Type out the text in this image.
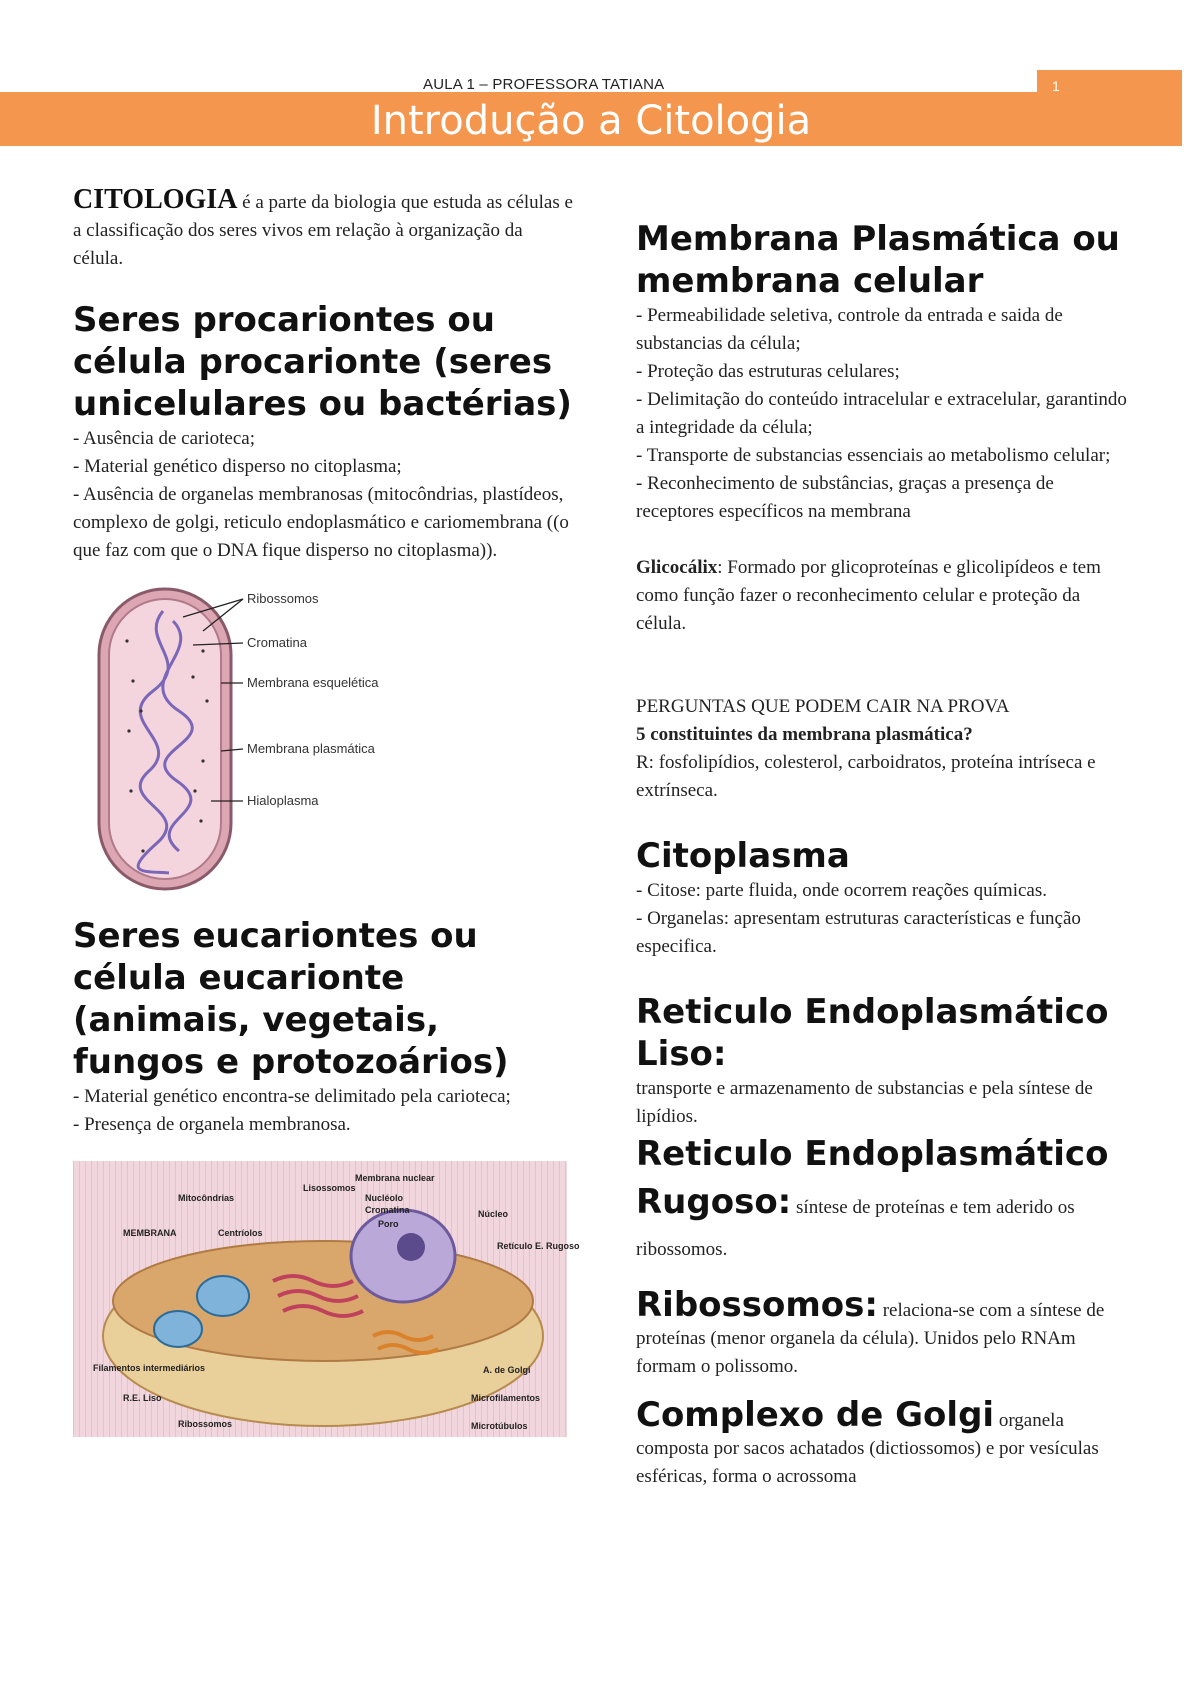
1
AULA 1 – PROFESSORA TATIANA
Introdução a Citologia

CITOLOGIA é a parte da biologia que estuda as células e a classificação dos seres vivos em relação à organização da célula.

Seres procariontes ou célula procarionte (seres unicelulares ou bactérias)

- Ausência de carioteca;

- Material genético disperso no citoplasma;

- Ausência de organelas membranosas (mitocôndrias, plastídeos, complexo de golgi, reticulo endoplasmático e cariomembrana ((o que faz com que o DNA fique disperso no citoplasma)).

Ribossomos
Cromatina
Membrana esquelética
Membrana plasmática
Hialoplasma
Seres eucariontes ou célula eucarionte (animais, vegetais, fungos e protozoários)

- Material genético encontra-se delimitado pela carioteca;

- Presença de organela membranosa.

Membrana nuclear
Lisossomos
Nucléolo
Cromatina
Poro
Mitocôndrias
Núcleo
MEMBRANA	Centríolos
Retículo E. Rugoso
Filamentos intermediários	A. de Golgi
R.E. Liso	Microfilamentos
Ribossomos	Microtúbulos
Membrana Plasmática ou membrana celular

- Permeabilidade seletiva, controle da entrada e saida de substancias da célula;

- Proteção das estruturas celulares;

- Delimitação do conteúdo intracelular e extracelular, garantindo a integridade da célula;

- Transporte de substancias essenciais ao metabolismo celular;

- Reconhecimento de substâncias, graças a presença de receptores específicos na membrana

Glicocálix: Formado por glicoproteínas e glicolipídeos e tem como função fazer o reconhecimento celular e proteção da célula.

PERGUNTAS QUE PODEM CAIR NA PROVA

5 constituintes da membrana plasmática?

R: fosfolipídios, colesterol, carboidratos, proteína intríseca e extrínseca.

Citoplasma

- Citose: parte fluida, onde ocorrem reações químicas.

- Organelas: apresentam estruturas características e função especifica.

Reticulo Endoplasmático Liso:

transporte e armazenamento de substancias e pela síntese de lipídios.

Reticulo Endoplasmático Rugoso: síntese de proteínas e tem aderido os ribossomos.

Ribossomos: relaciona-se com a síntese de proteínas (menor organela da célula). Unidos pelo RNAm formam o polissomo.

Complexo de Golgi organela composta por sacos achatados (dictiossomos) e por vesículas esféricas, forma o acrossoma
